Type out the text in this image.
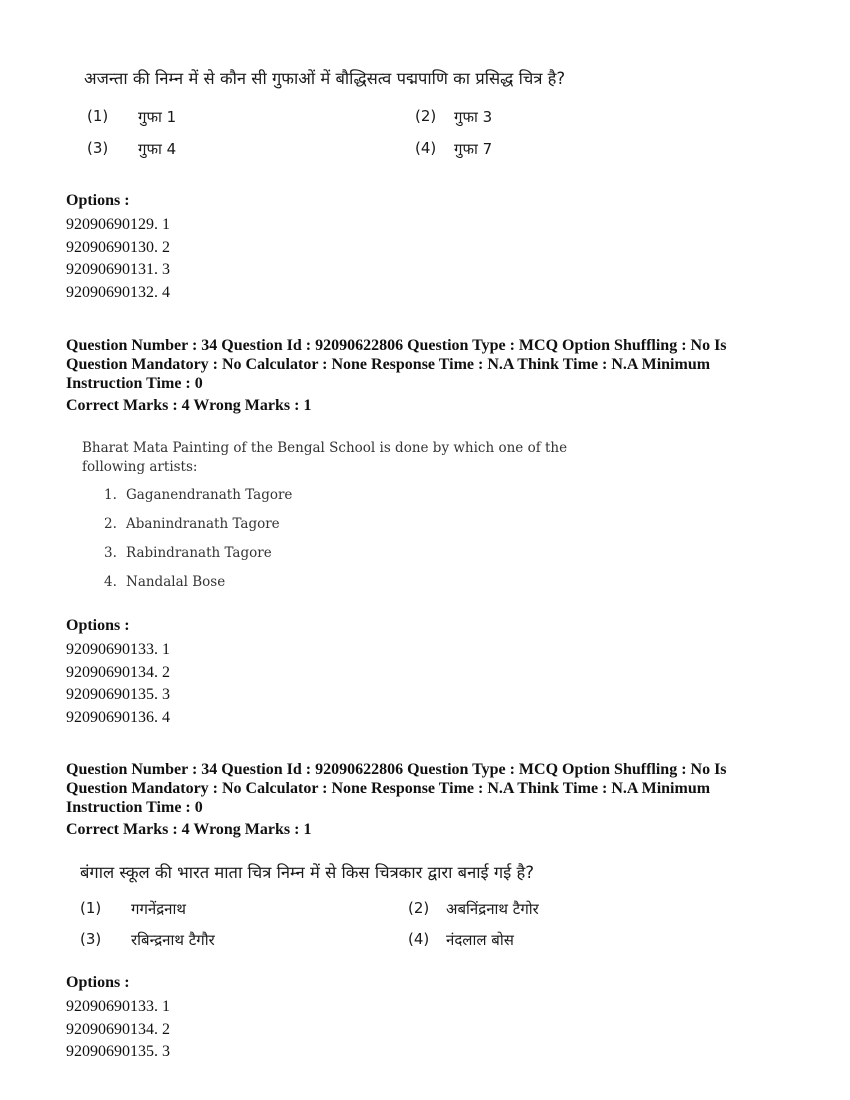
अजन्ता की निम्न में से कौन सी गुफाओं में बौद्धिसत्व पद्मपाणि का प्रसिद्ध चित्र है?
(1) गुफा 1	(2) गुफा 3
(3) गुफा 4	(4) गुफा 7
Options :
92090690129. 1
92090690130. 2
92090690131. 3
92090690132. 4
Question Number : 34 Question Id : 92090622806 Question Type : MCQ Option Shuffling : No Is
Question Mandatory : No Calculator : None Response Time : N.A Think Time : N.A Minimum
Instruction Time : 0
Correct Marks : 4 Wrong Marks : 1
Bharat Mata Painting of the Bengal School is done by which one of the following artists:
1. Gaganendranath Tagore
2. Abanindranath Tagore
3. Rabindranath Tagore
4. Nandalal Bose
Options :
92090690133. 1
92090690134. 2
92090690135. 3
92090690136. 4
Question Number : 34 Question Id : 92090622806 Question Type : MCQ Option Shuffling : No Is
Question Mandatory : No Calculator : None Response Time : N.A Think Time : N.A Minimum
Instruction Time : 0
Correct Marks : 4 Wrong Marks : 1
बंगाल स्कूल की भारत माता चित्र निम्न में से किस चित्रकार द्वारा बनाई गई है?
(1) गगनेंद्रनाथ	(2) अबनिंद्रनाथ टैगोर
(3) रबिन्द्रनाथ टैगौर	(4) नंदलाल बोस
Options :
92090690133. 1
92090690134. 2
92090690135. 3
